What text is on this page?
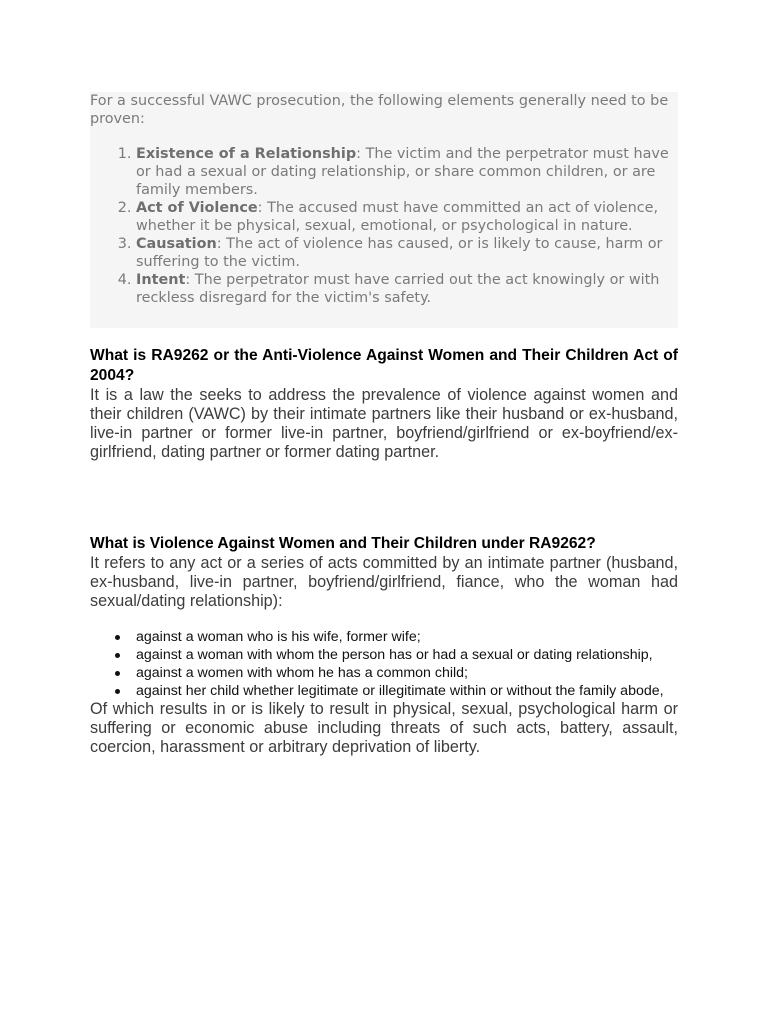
For a successful VAWC prosecution, the following elements generally need to be proven:

1. Existence of a Relationship: The victim and the perpetrator must have or had a sexual or dating relationship, or share common children, or are family members.
2. Act of Violence: The accused must have committed an act of violence, whether it be physical, sexual, emotional, or psychological in nature.
3. Causation: The act of violence has caused, or is likely to cause, harm or suffering to the victim.
4. Intent: The perpetrator must have carried out the act knowingly or with reckless disregard for the victim's safety.
What is RA9262 or the Anti-Violence Against Women and Their Children Act of 2004?

It is a law the seeks to address the prevalence of violence against women and their children (VAWC) by their intimate partners like their husband or ex-husband, live-in partner or former live-in partner, boyfriend/girlfriend or ex-boyfriend/ex-girlfriend, dating partner or former dating partner.

What is Violence Against Women and Their Children under RA9262?

It refers to any act or a series of acts committed by an intimate partner (husband, ex-husband, live-in partner, boyfriend/girlfriend, fiance, who the woman had sexual/dating relationship):

against a woman who is his wife, former wife;
against a woman with whom the person has or had a sexual or dating relationship,
against a women with whom he has a common child;
against her child whether legitimate or illegitimate within or without the family abode,

Of which results in or is likely to result in physical, sexual, psychological harm or suffering or economic abuse including threats of such acts, battery, assault, coercion, harassment or arbitrary deprivation of liberty.
